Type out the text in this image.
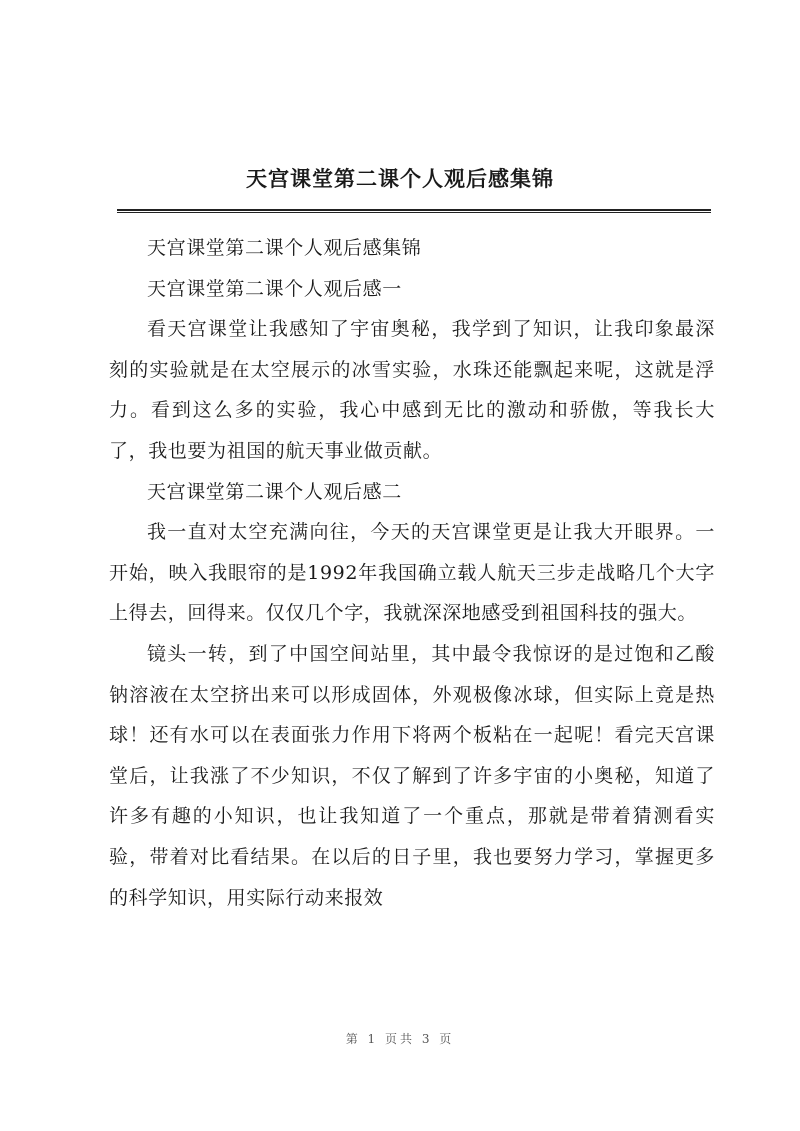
天宫课堂第二课个人观后感集锦

天宫课堂第二课个人观后感集锦

天宫课堂第二课个人观后感一

看天宫课堂让我感知了宇宙奥秘，我学到了知识，让我印象最深刻的实验就是在太空展示的冰雪实验，水珠还能飘起来呢，这就是浮力。看到这么多的实验，我心中感到无比的激动和骄傲，等我长大了，我也要为祖国的航天事业做贡献。

天宫课堂第二课个人观后感二

我一直对太空充满向往，今天的天宫课堂更是让我大开眼界。一开始，映入我眼帘的是1992年我国确立载人航天三步走战略几个大字上得去，回得来。仅仅几个字，我就深深地感受到祖国科技的强大。

镜头一转，到了中国空间站里，其中最令我惊讶的是过饱和乙酸钠溶液在太空挤出来可以形成固体，外观极像冰球，但实际上竟是热球！还有水可以在表面张力作用下将两个板粘在一起呢！看完天宫课堂后，让我涨了不少知识，不仅了解到了许多宇宙的小奥秘，知道了许多有趣的小知识，也让我知道了一个重点，那就是带着猜测看实验，带着对比看结果。在以后的日子里，我也要努力学习，掌握更多的科学知识，用实际行动来报效

第 1 页共 3 页
